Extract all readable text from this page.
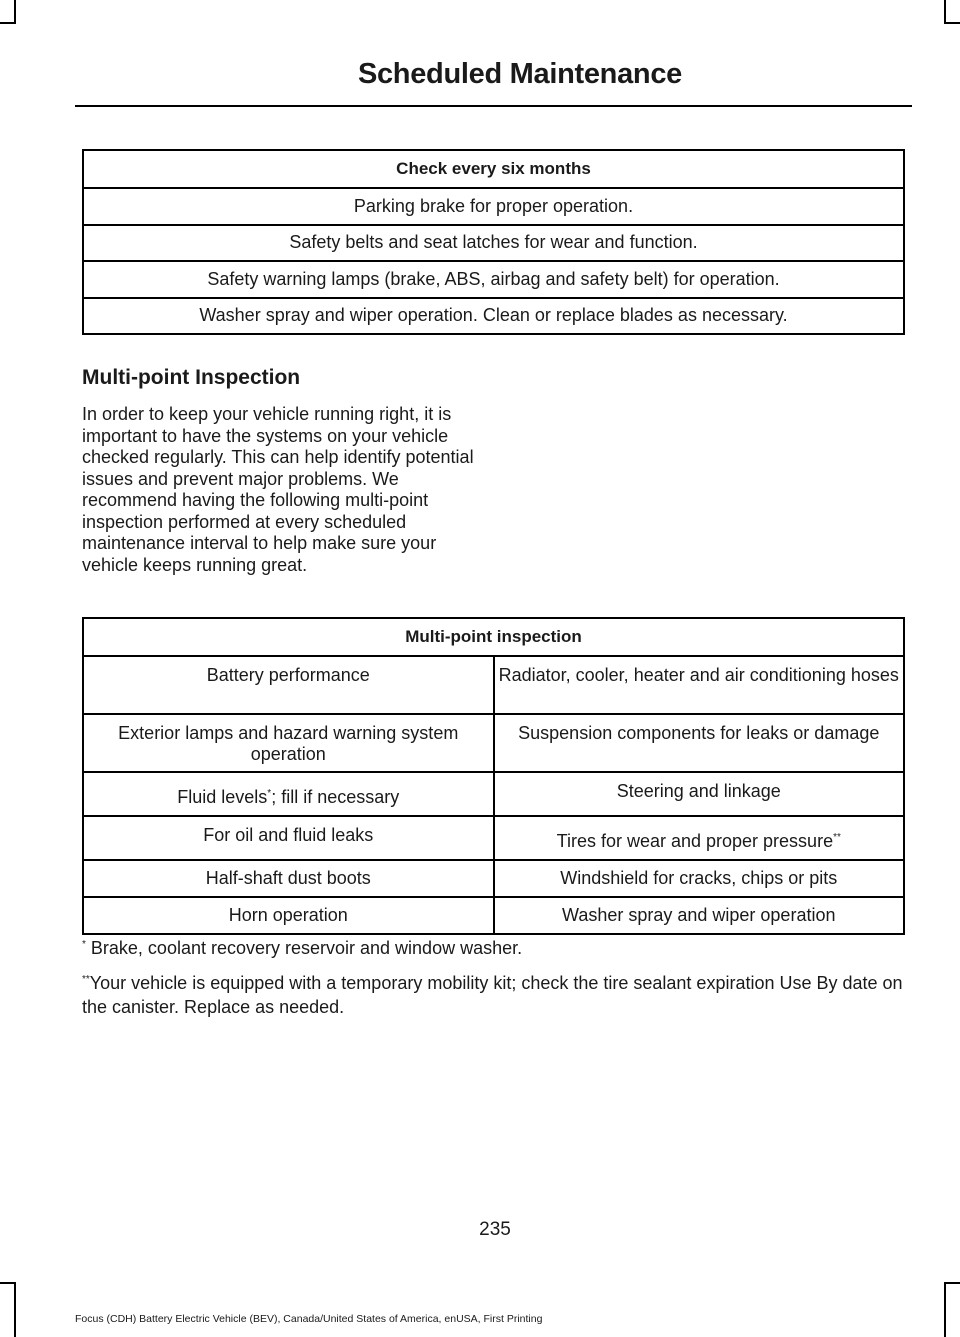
Scheduled Maintenance
Check every six months
Parking brake for proper operation.
Safety belts and seat latches for wear and function.
Safety warning lamps (brake, ABS, airbag and safety belt) for operation.
Washer spray and wiper operation. Clean or replace blades as necessary.
Multi-point Inspection

In order to keep your vehicle running right, it is important to have the systems on your vehicle checked regularly. This can help identify potential issues and prevent major problems. We recommend having the following multi-point inspection performed at every scheduled maintenance interval to help make sure your vehicle keeps running great.

Multi-point inspection	
Battery performance	Radiator, cooler, heater and air conditioning hoses
Exterior lamps and hazard warning system operation	Suspension components for leaks or damage
Fluid levels*; fill if necessary	Steering and linkage
For oil and fluid leaks	Tires for wear and proper pressure**
Half-shaft dust boots	Windshield for cracks, chips or pits
Horn operation	Washer spray and wiper operation

* Brake, coolant recovery reservoir and window washer.

**Your vehicle is equipped with a temporary mobility kit; check the tire sealant expiration Use By date on the canister. Replace as needed.

235
Focus (CDH) Battery Electric Vehicle (BEV), Canada/United States of America, enUSA, First Printing
